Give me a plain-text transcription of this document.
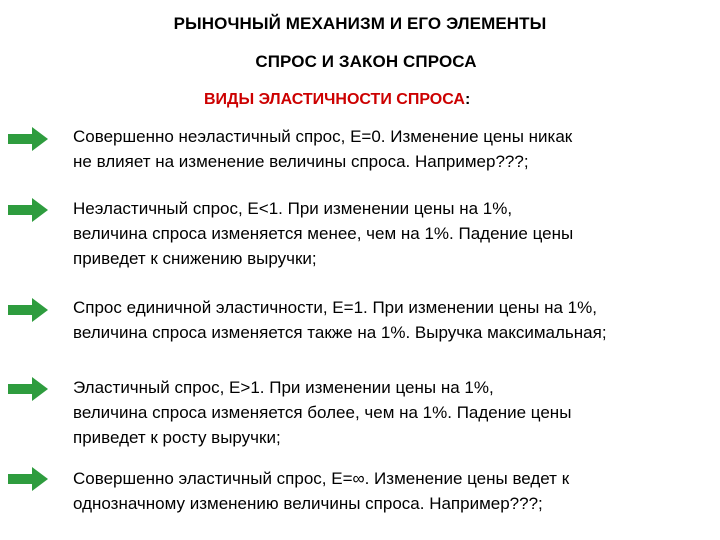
РЫНОЧНЫЙ МЕХАНИЗМ И ЕГО ЭЛЕМЕНТЫ
СПРОС И ЗАКОН СПРОСА
ВИДЫ ЭЛАСТИЧНОСТИ СПРОСА:
Совершенно неэластичный спрос, Е=0. Изменение цены никак
не влияет на изменение величины спроса. Например???;
Неэластичный спрос, Е<1. При изменении цены на 1%,
величина спроса изменяется менее, чем на 1%. Падение цены
приведет к снижению выручки;
Спрос единичной эластичности, Е=1. При изменении цены на 1%,
величина спроса изменяется также на 1%. Выручка максимальная;
Эластичный спрос, Е>1. При изменении цены на 1%,
величина спроса изменяется более, чем на 1%. Падение цены
приведет к росту выручки;
Совершенно эластичный спрос, Е=∞. Изменение цены ведет к
однозначному изменению величины спроса. Например???;
